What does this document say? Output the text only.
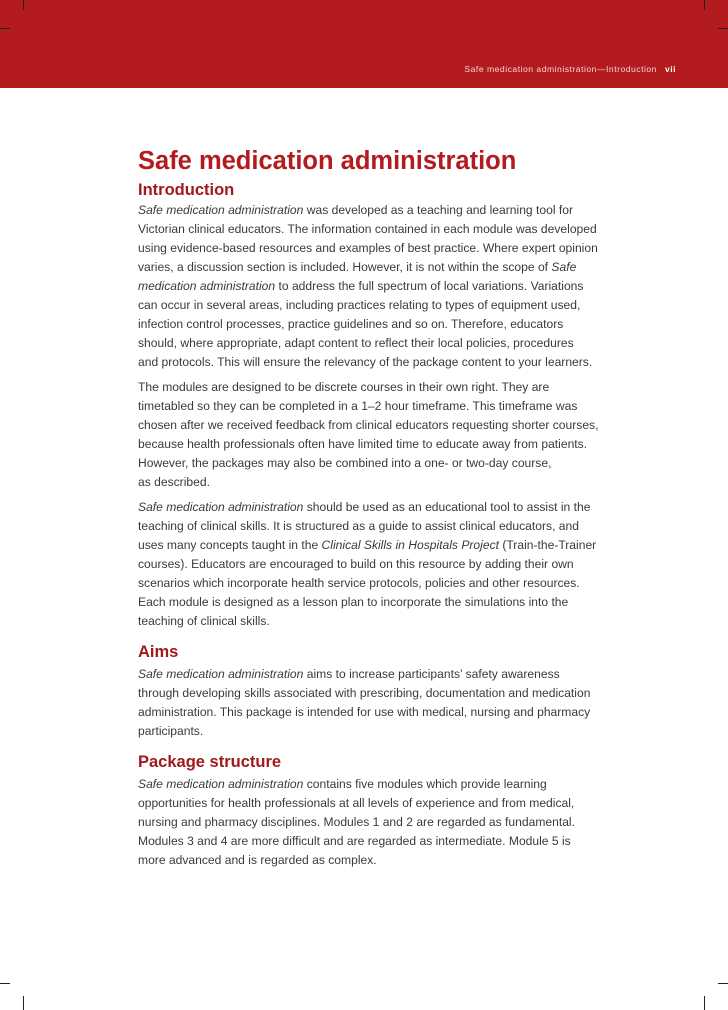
Safe medication administration—Introduction vii
Safe medication administration
Introduction

Safe medication administration was developed as a teaching and learning tool for
Victorian clinical educators. The information contained in each module was developed
using evidence-based resources and examples of best practice. Where expert opinion
varies, a discussion section is included. However, it is not within the scope of Safe
medication administration to address the full spectrum of local variations. Variations
can occur in several areas, including practices relating to types of equipment used,
infection control processes, practice guidelines and so on. Therefore, educators
should, where appropriate, adapt content to reflect their local policies, procedures
and protocols. This will ensure the relevancy of the package content to your learners.

The modules are designed to be discrete courses in their own right. They are
timetabled so they can be completed in a 1–2 hour timeframe. This timeframe was
chosen after we received feedback from clinical educators requesting shorter courses,
because health professionals often have limited time to educate away from patients.
However, the packages may also be combined into a one- or two-day course,
as described.

Safe medication administration should be used as an educational tool to assist in the
teaching of clinical skills. It is structured as a guide to assist clinical educators, and
uses many concepts taught in the Clinical Skills in Hospitals Project (Train-the-Trainer
courses). Educators are encouraged to build on this resource by adding their own
scenarios which incorporate health service protocols, policies and other resources.
Each module is designed as a lesson plan to incorporate the simulations into the
teaching of clinical skills.

Aims

Safe medication administration aims to increase participants’ safety awareness
through developing skills associated with prescribing, documentation and medication
administration. This package is intended for use with medical, nursing and pharmacy
participants.

Package structure

Safe medication administration contains five modules which provide learning
opportunities for health professionals at all levels of experience and from medical,
nursing and pharmacy disciplines. Modules 1 and 2 are regarded as fundamental.
Modules 3 and 4 are more difficult and are regarded as intermediate. Module 5 is
more advanced and is regarded as complex.
